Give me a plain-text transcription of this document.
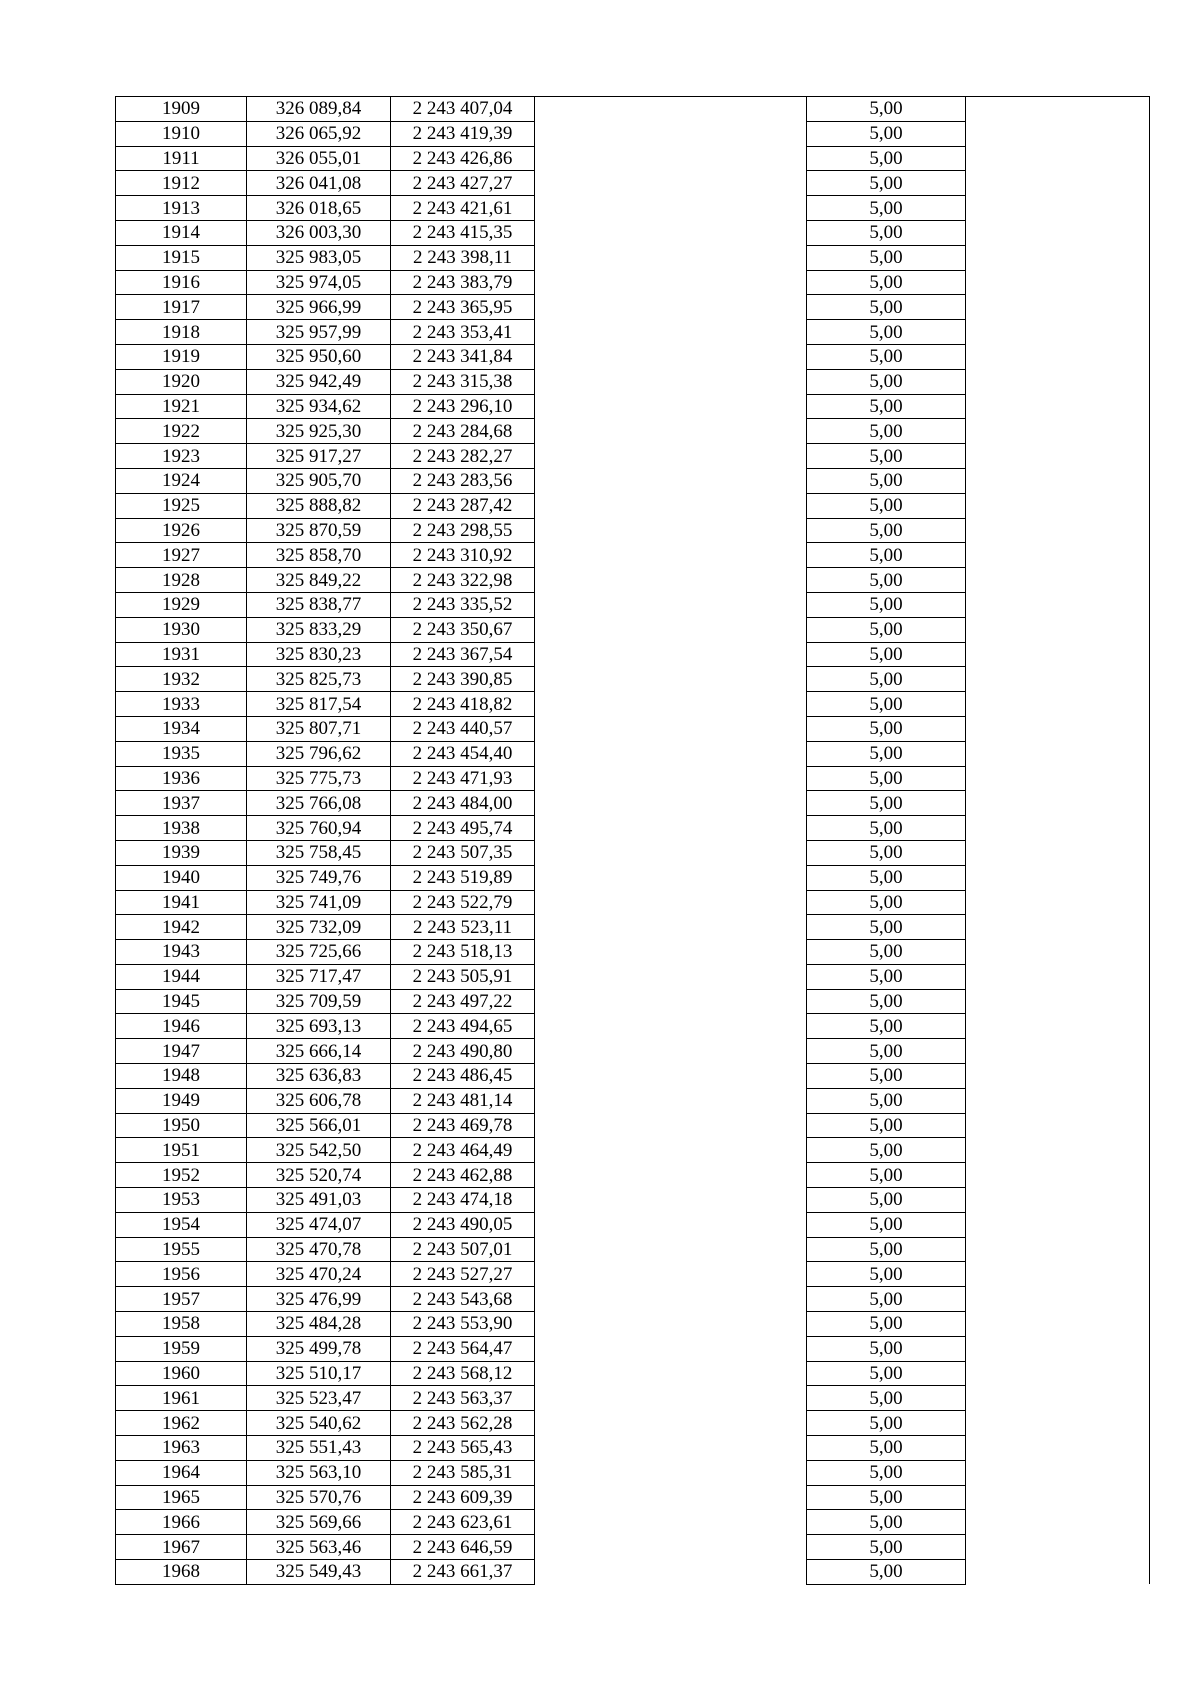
1909	326 089,84	2 243 407,04		5,00	
1910	326 065,92	2 243 419,39		5,00	
1911	326 055,01	2 243 426,86		5,00	
1912	326 041,08	2 243 427,27		5,00	
1913	326 018,65	2 243 421,61		5,00	
1914	326 003,30	2 243 415,35		5,00	
1915	325 983,05	2 243 398,11		5,00	
1916	325 974,05	2 243 383,79		5,00	
1917	325 966,99	2 243 365,95		5,00	
1918	325 957,99	2 243 353,41		5,00	
1919	325 950,60	2 243 341,84		5,00	
1920	325 942,49	2 243 315,38		5,00	
1921	325 934,62	2 243 296,10		5,00	
1922	325 925,30	2 243 284,68		5,00	
1923	325 917,27	2 243 282,27		5,00	
1924	325 905,70	2 243 283,56		5,00	
1925	325 888,82	2 243 287,42		5,00	
1926	325 870,59	2 243 298,55		5,00	
1927	325 858,70	2 243 310,92		5,00	
1928	325 849,22	2 243 322,98		5,00	
1929	325 838,77	2 243 335,52		5,00	
1930	325 833,29	2 243 350,67		5,00	
1931	325 830,23	2 243 367,54		5,00	
1932	325 825,73	2 243 390,85		5,00	
1933	325 817,54	2 243 418,82		5,00	
1934	325 807,71	2 243 440,57		5,00	
1935	325 796,62	2 243 454,40		5,00	
1936	325 775,73	2 243 471,93		5,00	
1937	325 766,08	2 243 484,00		5,00	
1938	325 760,94	2 243 495,74		5,00	
1939	325 758,45	2 243 507,35		5,00	
1940	325 749,76	2 243 519,89		5,00	
1941	325 741,09	2 243 522,79		5,00	
1942	325 732,09	2 243 523,11		5,00	
1943	325 725,66	2 243 518,13		5,00	
1944	325 717,47	2 243 505,91		5,00	
1945	325 709,59	2 243 497,22		5,00	
1946	325 693,13	2 243 494,65		5,00	
1947	325 666,14	2 243 490,80		5,00	
1948	325 636,83	2 243 486,45		5,00	
1949	325 606,78	2 243 481,14		5,00	
1950	325 566,01	2 243 469,78		5,00	
1951	325 542,50	2 243 464,49		5,00	
1952	325 520,74	2 243 462,88		5,00	
1953	325 491,03	2 243 474,18		5,00	
1954	325 474,07	2 243 490,05		5,00	
1955	325 470,78	2 243 507,01		5,00	
1956	325 470,24	2 243 527,27		5,00	
1957	325 476,99	2 243 543,68		5,00	
1958	325 484,28	2 243 553,90		5,00	
1959	325 499,78	2 243 564,47		5,00	
1960	325 510,17	2 243 568,12		5,00	
1961	325 523,47	2 243 563,37		5,00	
1962	325 540,62	2 243 562,28		5,00	
1963	325 551,43	2 243 565,43		5,00	
1964	325 563,10	2 243 585,31		5,00	
1965	325 570,76	2 243 609,39		5,00	
1966	325 569,66	2 243 623,61		5,00	
1967	325 563,46	2 243 646,59		5,00	
1968	325 549,43	2 243 661,37		5,00	
